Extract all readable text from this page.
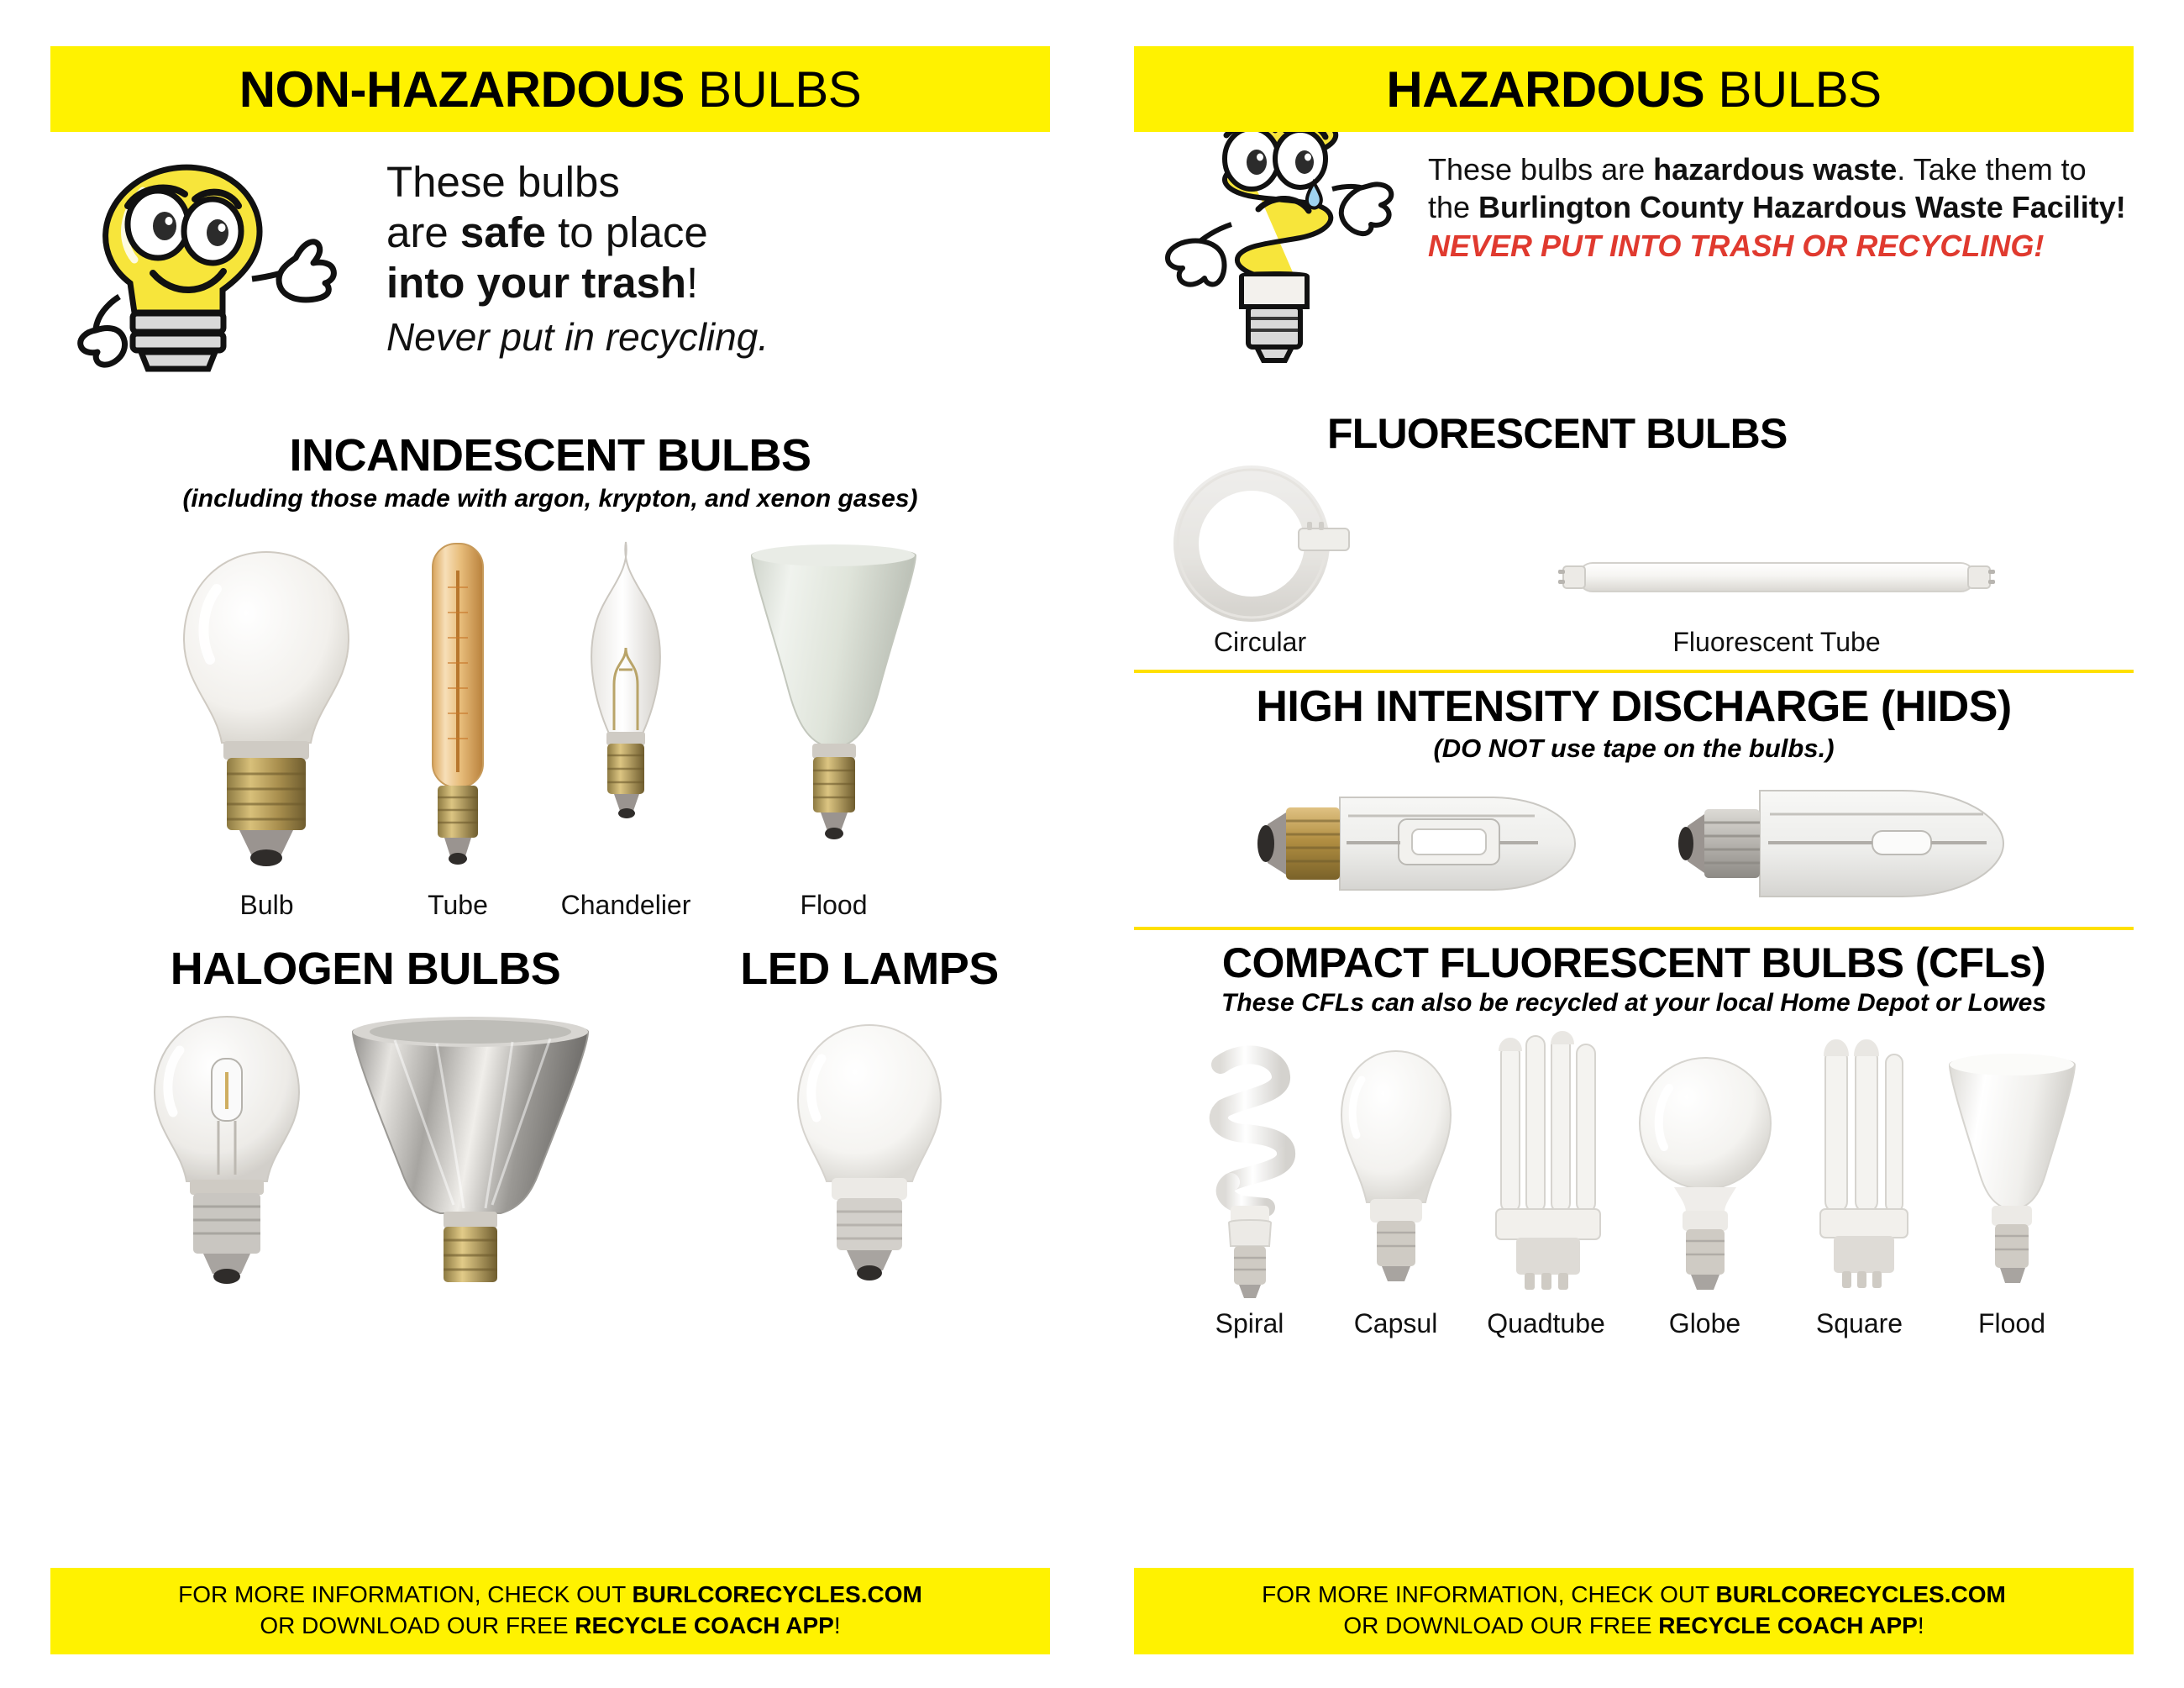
NON-HAZARDOUS BULBS
These bulbs
are safe to place
into your trash!
Never put in recycling.
INCANDESCENT BULBS
(including those made with argon, krypton, and xenon gases)
Bulb	Tube	Chandelier	Flood
HALOGEN BULBS	LED LAMPS
FOR MORE INFORMATION, CHECK OUT BURLCORECYCLES.COM
OR DOWNLOAD OUR FREE RECYCLE COACH APP!
HAZARDOUS BULBS
These bulbs are hazardous waste. Take them to the Burlington County Hazardous Waste Facility! NEVER PUT INTO TRASH OR RECYCLING!
FLUORESCENT BULBS
Circular	Fluorescent Tube
HIGH INTENSITY DISCHARGE (HIDS)
(DO NOT use tape on the bulbs.)
COMPACT FLUORESCENT BULBS (CFLs)
These CFLs can also be recycled at your local Home Depot or Lowes
Spiral	Capsul Quadtube Globe	Square	Flood
FOR MORE INFORMATION, CHECK OUT BURLCORECYCLES.COM
OR DOWNLOAD OUR FREE RECYCLE COACH APP!
